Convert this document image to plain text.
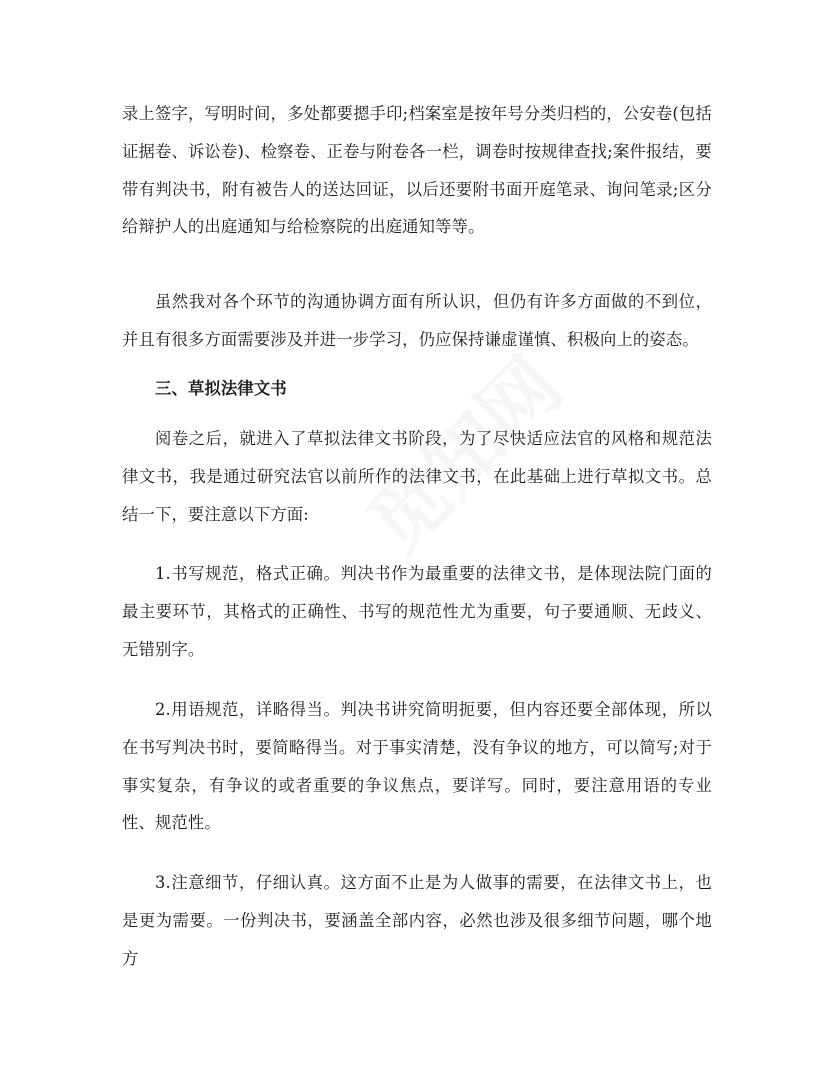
录上签字，写明时间，多处都要摁手印;档案室是按年号分类归档的，公安卷(包括证据卷、诉讼卷)、检察卷、正卷与附卷各一栏，调卷时按规律查找;案件报结，要带有判决书，附有被告人的送达回证，以后还要附书面开庭笔录、询问笔录;区分给辩护人的出庭通知与给检察院的出庭通知等等。

虽然我对各个环节的沟通协调方面有所认识，但仍有许多方面做的不到位，并且有很多方面需要涉及并进一步学习，仍应保持谦虚谨慎、积极向上的姿态。

三、草拟法律文书

阅卷之后，就进入了草拟法律文书阶段，为了尽快适应法官的风格和规范法律文书，我是通过研究法官以前所作的法律文书，在此基础上进行草拟文书。总结一下，要注意以下方面:

1.书写规范，格式正确。判决书作为最重要的法律文书，是体现法院门面的最主要环节，其格式的正确性、书写的规范性尤为重要，句子要通顺、无歧义、无错别字。

2.用语规范，详略得当。判决书讲究简明扼要，但内容还要全部体现，所以在书写判决书时，要简略得当。对于事实清楚，没有争议的地方，可以简写;对于事实复杂，有争议的或者重要的争议焦点，要详写。同时，要注意用语的专业性、规范性。

3.注意细节，仔细认真。这方面不止是为人做事的需要，在法律文书上，也是更为需要。一份判决书，要涵盖全部内容，必然也涉及很多细节问题，哪个地方
